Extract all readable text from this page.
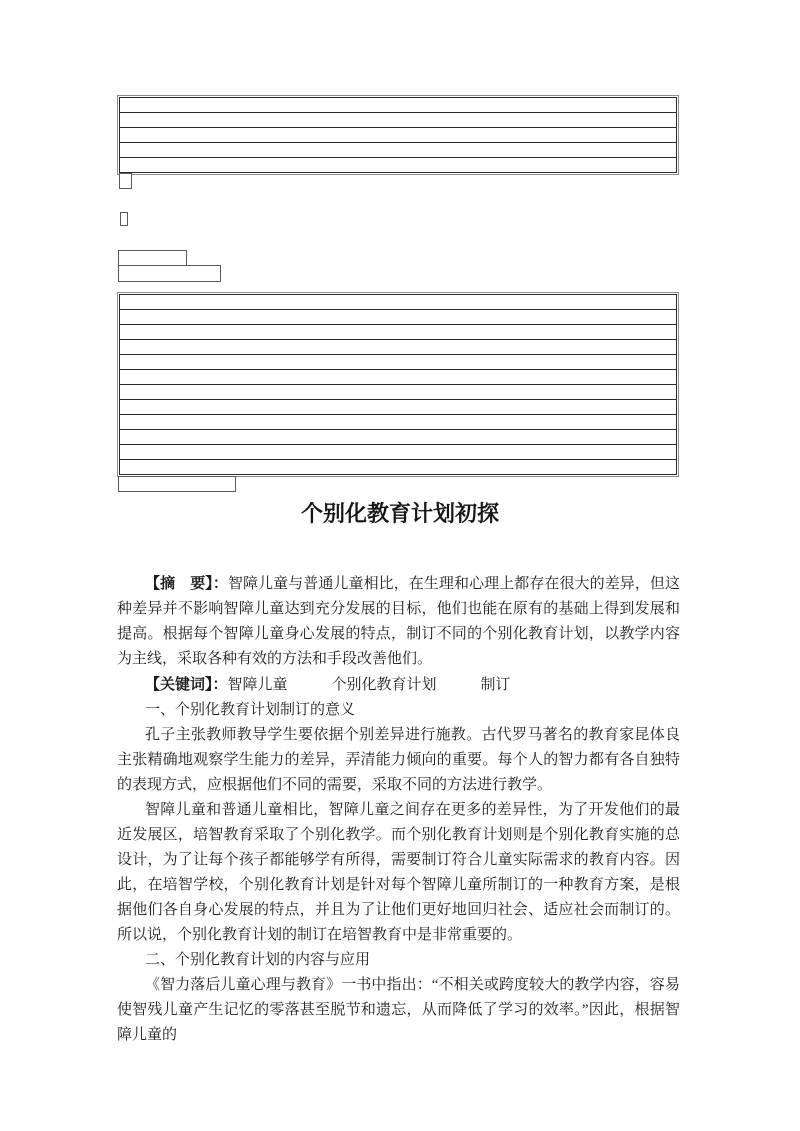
个别化教育计划初探

【摘　要】：智障儿童与普通儿童相比，在生理和心理上都存在很大的差异，但这种差异并不影响智障儿童达到充分发展的目标，他们也能在原有的基础上得到发展和提高。根据每个智障儿童身心发展的特点，制订不同的个别化教育计划，以教学内容为主线，采取各种有效的方法和手段改善他们。

【关键词】：智障儿童	个别化教育计划	制订

一、个别化教育计划制订的意义

孔子主张教师教导学生要依据个别差异进行施教。古代罗马著名的教育家昆体良主张精确地观察学生能力的差异，弄清能力倾向的重要。每个人的智力都有各自独特的表现方式，应根据他们不同的需要，采取不同的方法进行教学。

智障儿童和普通儿童相比，智障儿童之间存在更多的差异性，为了开发他们的最近发展区，培智教育采取了个别化教学。而个别化教育计划则是个别化教育实施的总设计，为了让每个孩子都能够学有所得，需要制订符合儿童实际需求的教育内容。因此，在培智学校，个别化教育计划是针对每个智障儿童所制订的一种教育方案，是根据他们各自身心发展的特点，并且为了让他们更好地回归社会、适应社会而制订的。所以说，个别化教育计划的制订在培智教育中是非常重要的。

二、个别化教育计划的内容与应用

《智力落后儿童心理与教育》一书中指出：“不相关或跨度较大的教学内容，容易使智残儿童产生记忆的零落甚至脱节和遗忘，从而降低了学习的效率。”因此，根据智障儿童的
